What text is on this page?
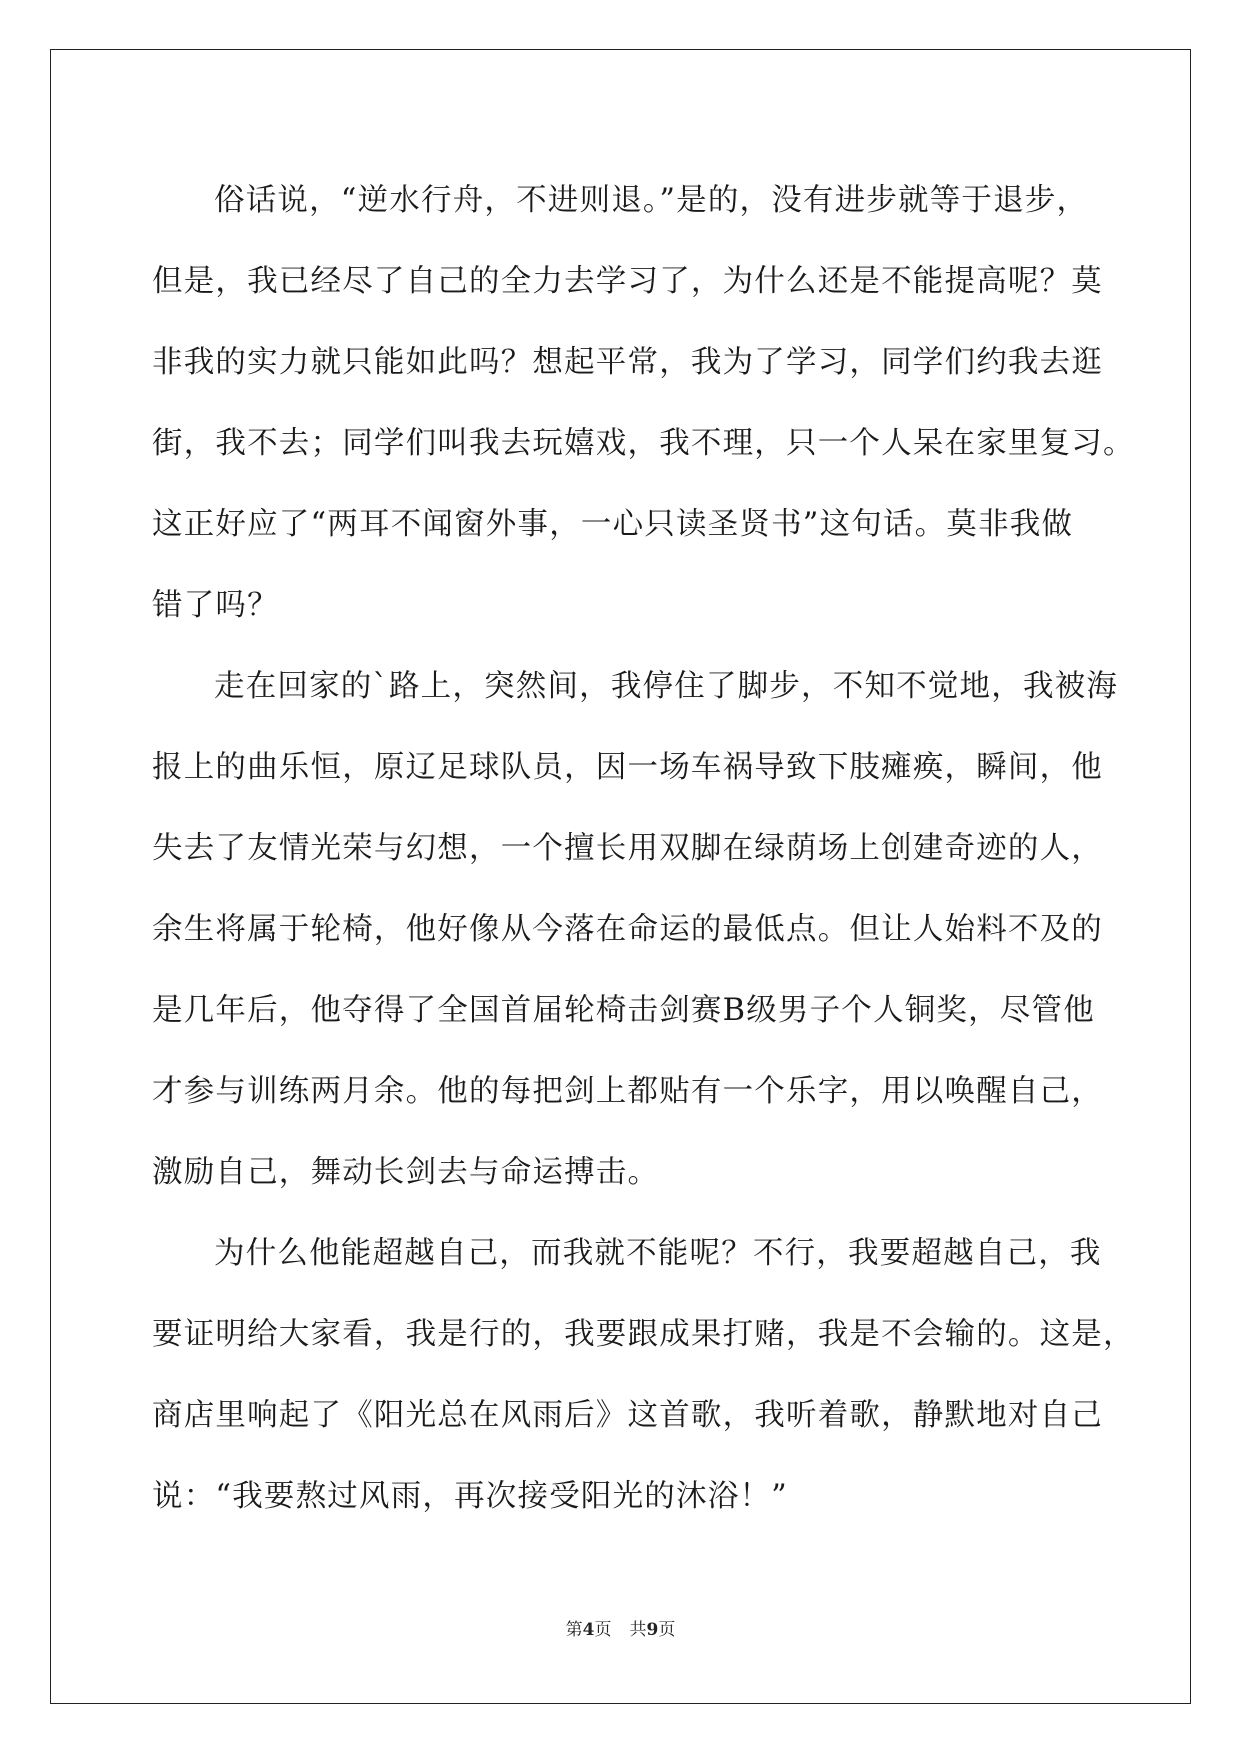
俗话说，“逆水行舟，不进则退。”是的，没有进步就等于退步，
但是，我已经尽了自己的全力去学习了，为什么还是不能提高呢？莫
非我的实力就只能如此吗？想起平常，我为了学习，同学们约我去逛
街，我不去；同学们叫我去玩嬉戏，我不理，只一个人呆在家里复习。
这正好应了“两耳不闻窗外事，一心只读圣贤书”这句话。莫非我做
错了吗？
走在回家的`路上，突然间，我停住了脚步，不知不觉地，我被海
报上的曲乐恒，原辽足球队员，因一场车祸导致下肢瘫痪，瞬间，他
失去了友情光荣与幻想，一个擅长用双脚在绿荫场上创建奇迹的人，
余生将属于轮椅，他好像从今落在命运的最低点。但让人始料不及的
是几年后，他夺得了全国首届轮椅击剑赛B级男子个人铜奖，尽管他
才参与训练两月余。他的每把剑上都贴有一个乐字，用以唤醒自己，
激励自己，舞动长剑去与命运搏击。
为什么他能超越自己，而我就不能呢？不行，我要超越自己，我
要证明给大家看，我是行的，我要跟成果打赌，我是不会输的。这是，
商店里响起了《阳光总在风雨后》这首歌，我听着歌，静默地对自己
说：“我要熬过风雨，再次接受阳光的沐浴！”
第4页 共9页
